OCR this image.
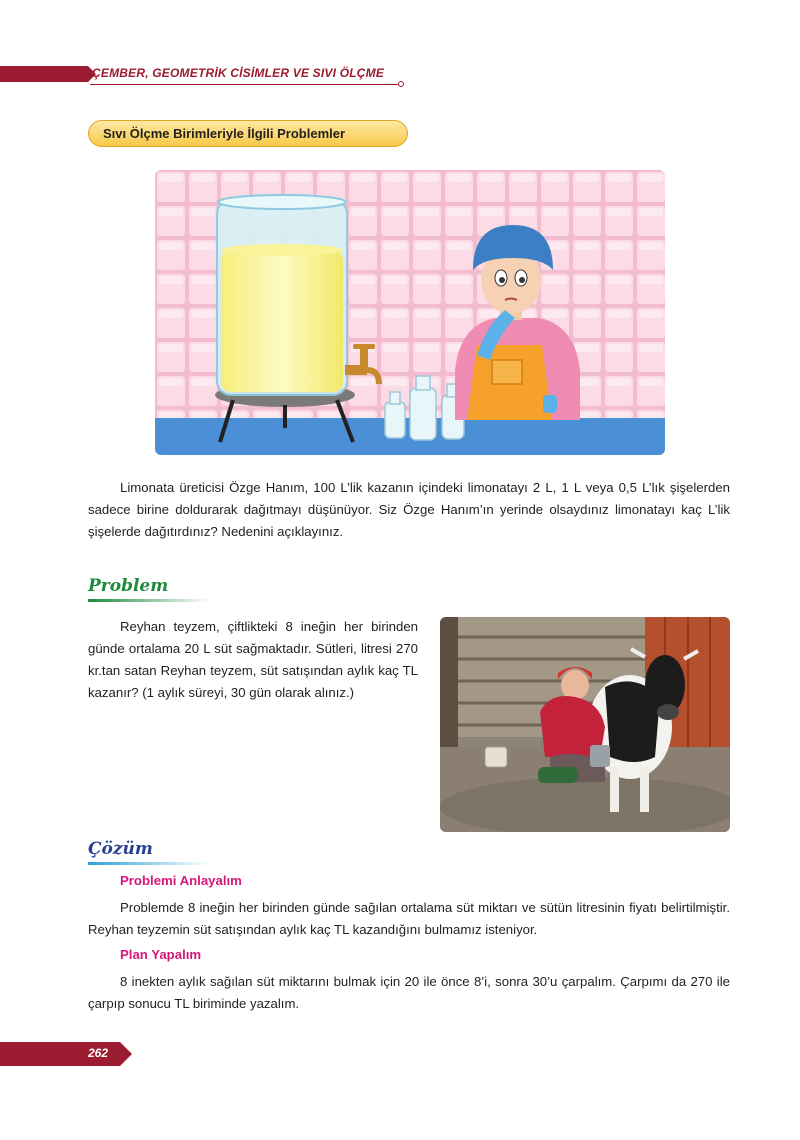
ÇEMBER, GEOMETRİK CİSİMLER VE SIVI ÖLÇME
Sıvı Ölçme Birimleriyle İlgili Problemler
Limonata üreticisi Özge Hanım, 100 L’lik kazanın içindeki limonatayı 2 L, 1 L veya 0,5 L’lık şişelerden sadece birine doldurarak dağıtmayı düşünüyor. Siz Özge Hanım’ın yerinde olsaydınız limonatayı kaç L’lik şişelerde dağıtırdınız? Nedenini açıklayınız.
Problem
Reyhan teyzem, çiftlikteki 8 ineğin her birinden günde ortalama 20 L süt sağmaktadır. Sütleri, litresi 270 kr.tan satan Reyhan teyzem, süt satışından aylık kaç TL kazanır? (1 aylık süreyi, 30 gün olarak alınız.)
Çözüm
Problemi Anlayalım
Problemde 8 ineğin her birinden günde sağılan ortalama süt miktarı ve sütün litresinin fiyatı belirtilmiştir. Reyhan teyzemin süt satışından aylık kaç TL kazandığını bulmamız isteniyor.
Plan Yapalım
8 inekten aylık sağılan süt miktarını bulmak için 20 ile önce 8’i, sonra 30’u çarpalım. Çarpımı da 270 ile çarpıp sonucu TL biriminde yazalım.
262
